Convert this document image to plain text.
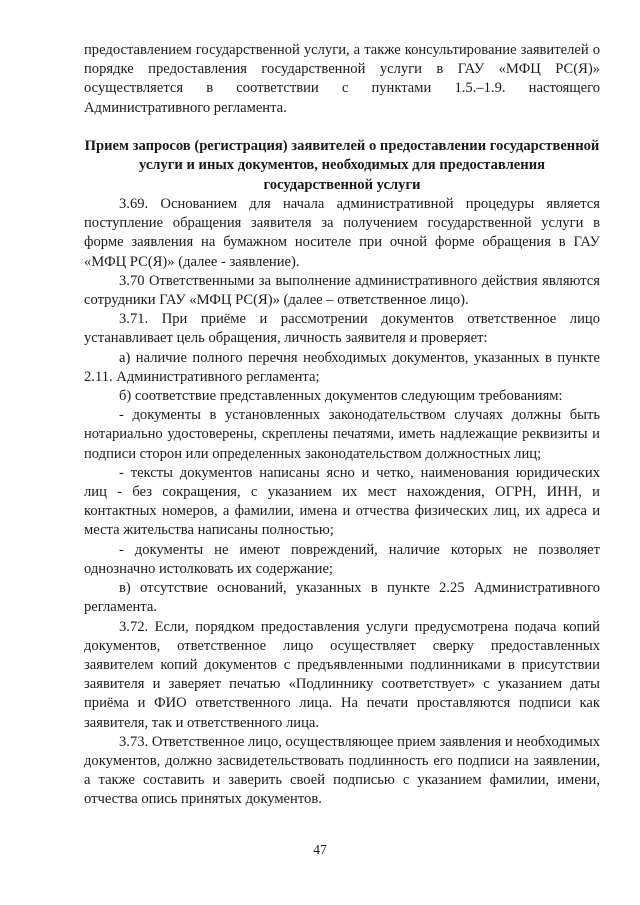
предоставлением государственной услуги, а также консультирование заявителей о порядке предоставления государственной услуги в ГАУ «МФЦ РС(Я)» осуществляется в соответствии с пунктами 1.5.–1.9. настоящего Административного регламента.

Прием запросов (регистрация) заявителей о предоставлении государственной услуги и иных документов, необходимых для предоставления государственной услуги

3.69. Основанием для начала административной процедуры является поступление обращения заявителя за получением государственной услуги в форме заявления на бумажном носителе при очной форме обращения в ГАУ «МФЦ РС(Я)» (далее - заявление).

3.70 Ответственными за выполнение административного действия являются сотрудники ГАУ «МФЦ РС(Я)» (далее – ответственное лицо).

3.71. При приёме и рассмотрении документов ответственное лицо устанавливает цель обращения, личность заявителя и проверяет:

а) наличие полного перечня необходимых документов, указанных в пункте 2.11. Административного регламента;

б) соответствие представленных документов следующим требованиям:

- документы в установленных законодательством случаях должны быть нотариально удостоверены, скреплены печатями, иметь надлежащие реквизиты и подписи сторон или определенных законодательством должностных лиц;

- тексты документов написаны ясно и четко, наименования юридических лиц - без сокращения, с указанием их мест нахождения, ОГРН, ИНН, и контактных номеров, а фамилии, имена и отчества физических лиц, их адреса и места жительства написаны полностью;

- документы не имеют повреждений, наличие которых не позволяет однозначно истолковать их содержание;

в) отсутствие оснований, указанных в пункте 2.25 Административного регламента.

3.72. Если, порядком предоставления услуги предусмотрена подача копий документов, ответственное лицо осуществляет сверку предоставленных заявителем копий документов с предъявленными подлинниками в присутствии заявителя и заверяет печатью «Подлиннику соответствует» с указанием даты приёма и ФИО ответственного лица. На печати проставляются подписи как заявителя, так и ответственного лица.

3.73. Ответственное лицо, осуществляющее прием заявления и необходимых документов, должно засвидетельствовать подлинность его подписи на заявлении, а также составить и заверить своей подписью с указанием фамилии, имени, отчества опись принятых документов.

47
